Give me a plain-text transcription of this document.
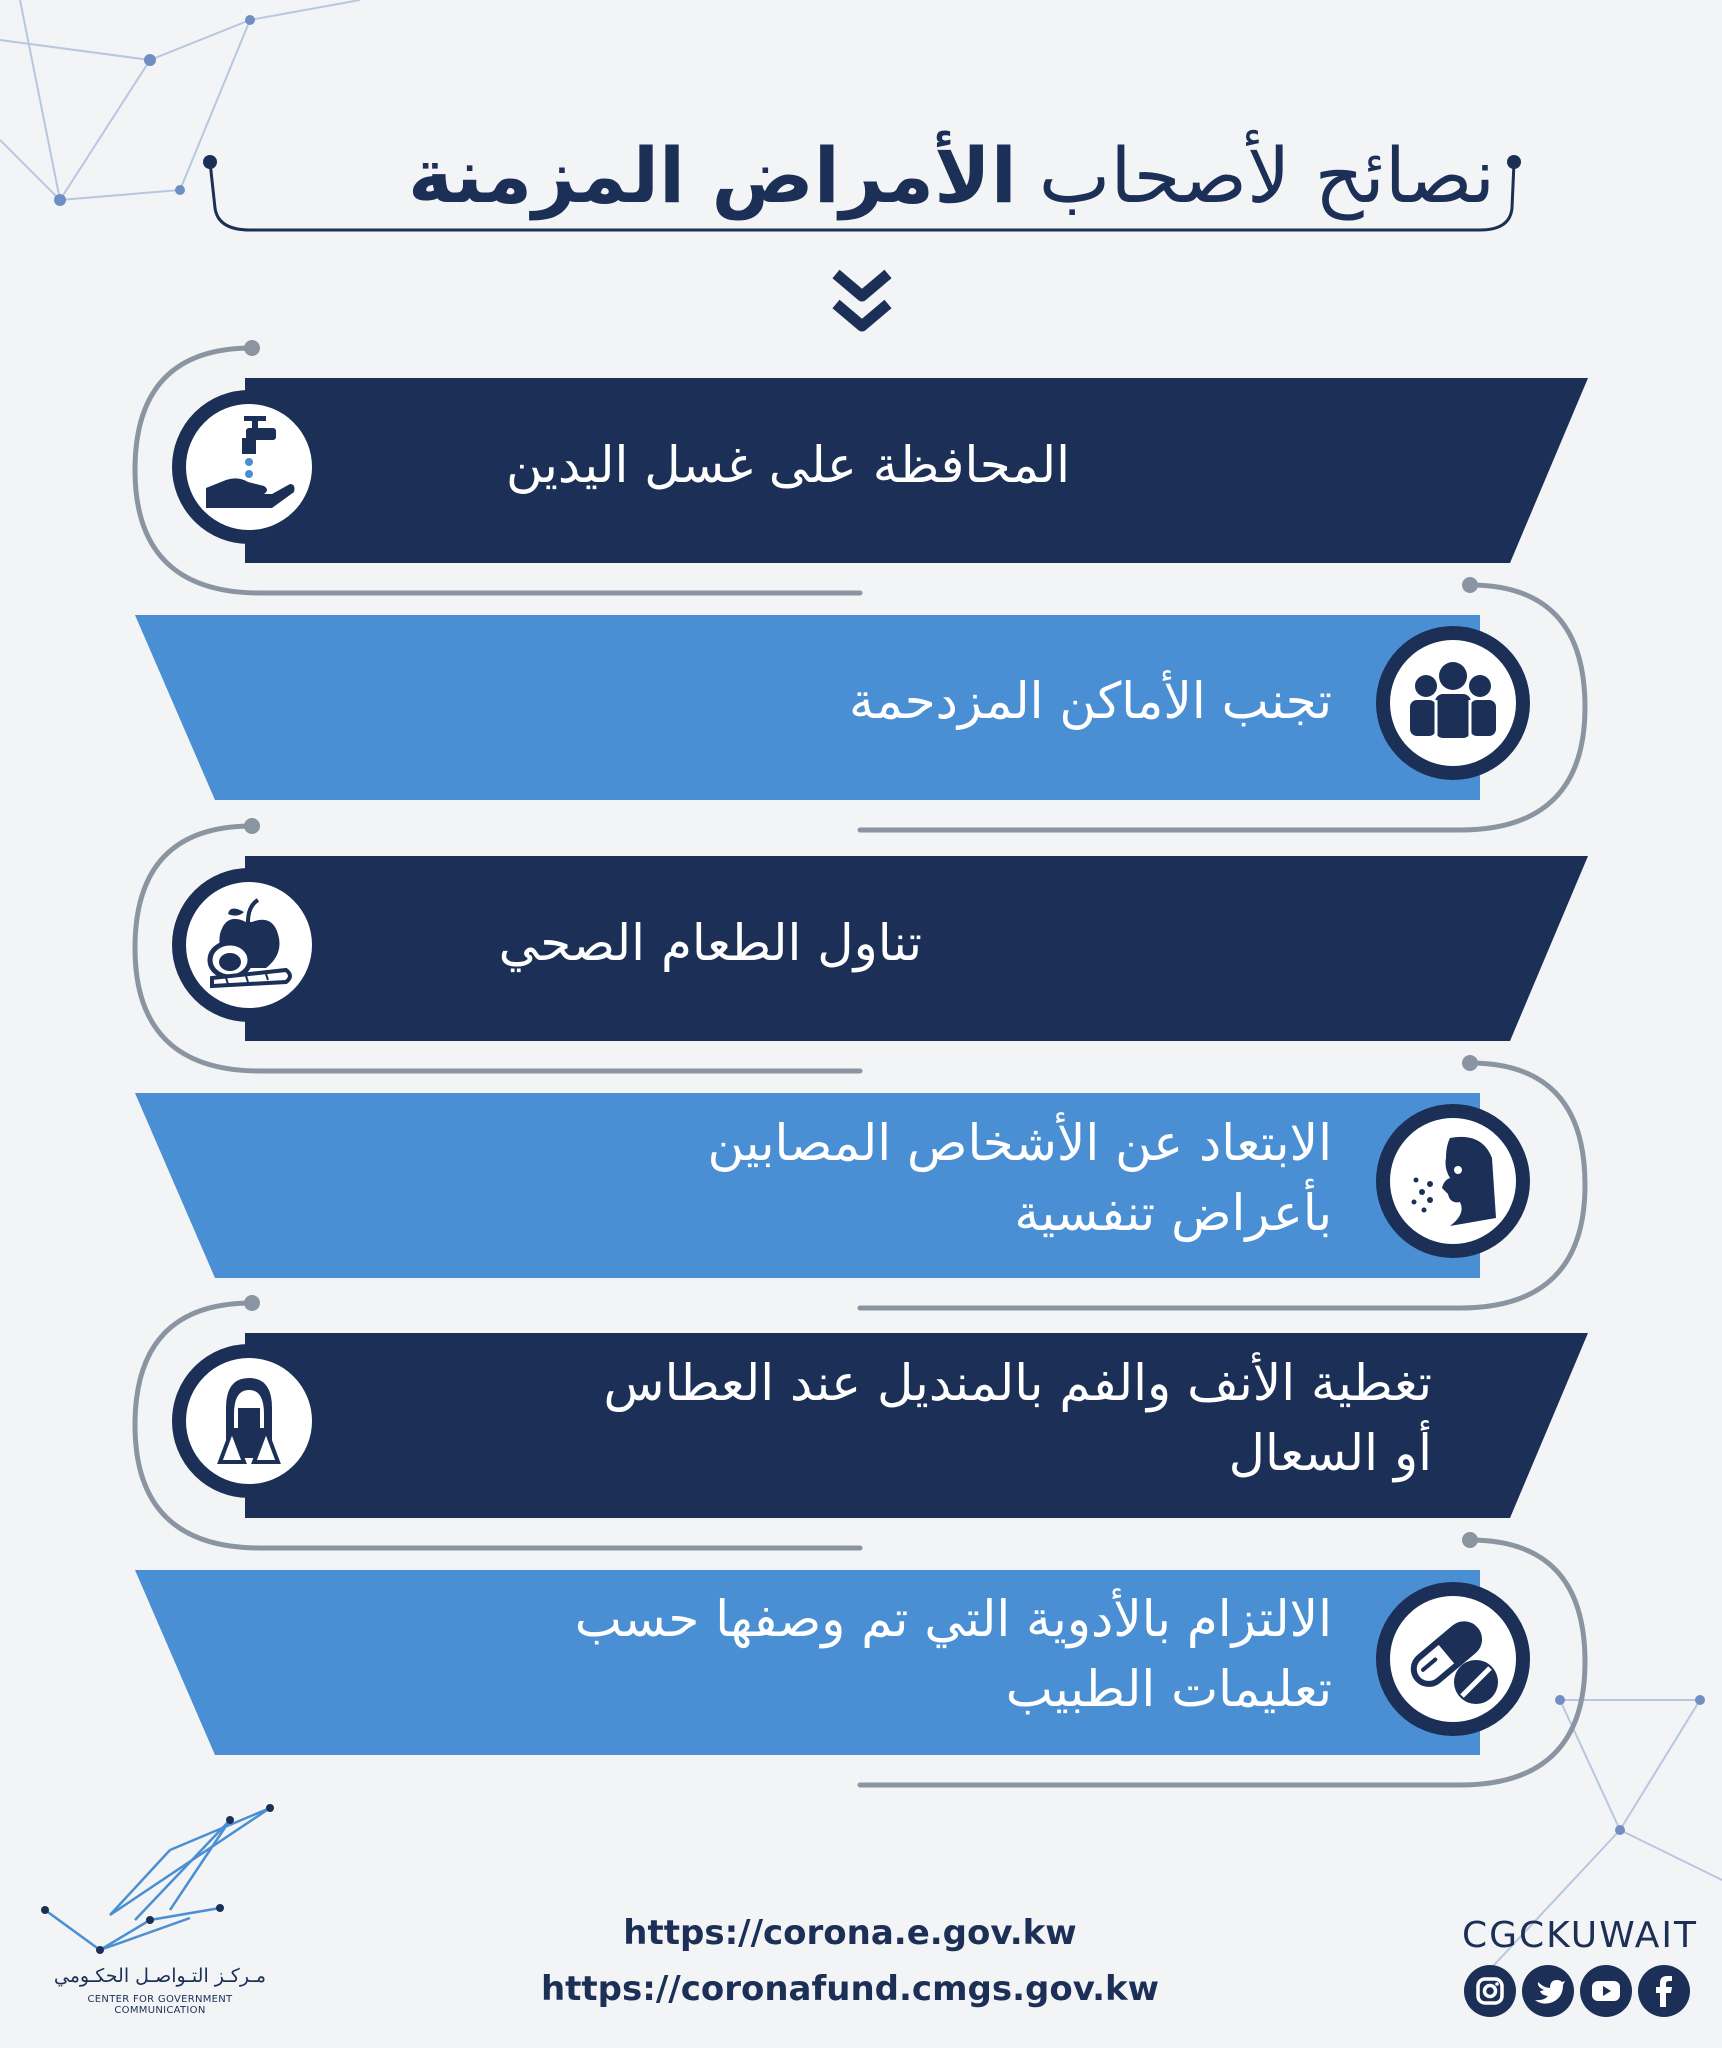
نصائح لأصحاب
الأمراض المزمنة
المحافظة على غسل اليدين
تجنب الأماكن المزدحمة
تناول الطعام الصحي
الابتعاد عن الأشخاص المصابين
بأعراض تنفسية
تغطية الأنف والفم بالمنديل عند العطاس
أو السعال
الالتزام بالأدوية التي تم وصفها حسب
تعليمات الطبيب
https://corona.e.gov.kw
https://coronafund.cmgs.gov.kw
CGCKUWAIT
مـركـز التـواصـل الحكـومي
CENTER FOR GOVERNMENT COMMUNICATION
